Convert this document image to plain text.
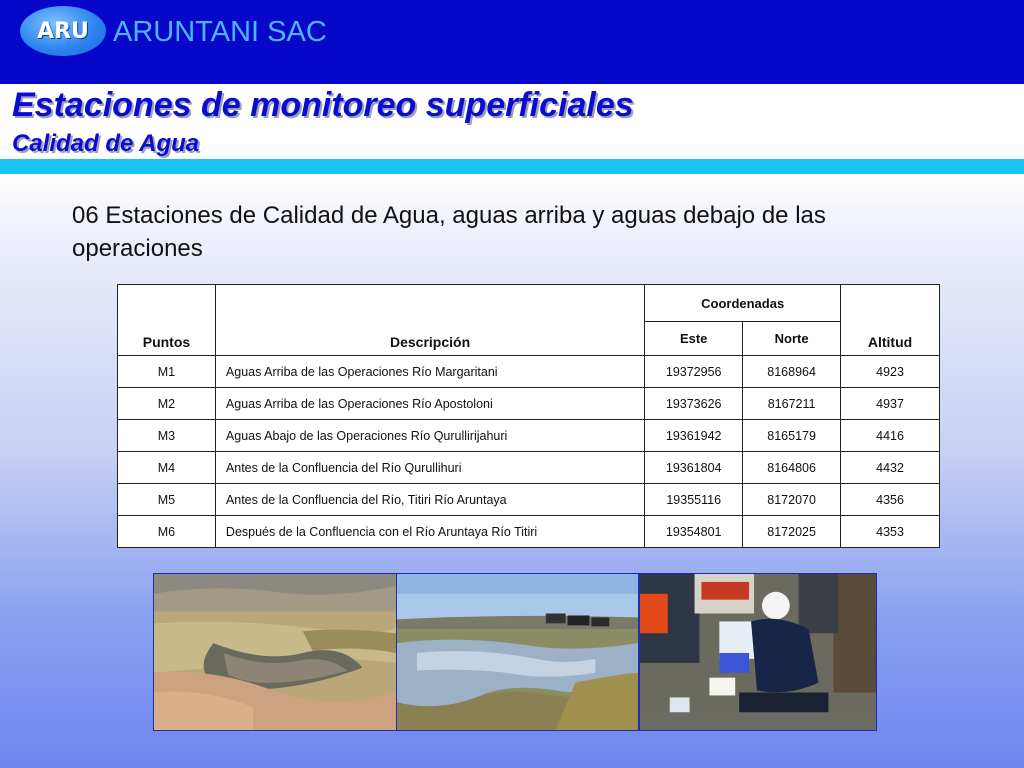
ARU ARUNTANI SAC
Estaciones de monitoreo superficiales
Calidad de Agua
06 Estaciones de Calidad de Agua, aguas arriba y aguas debajo de las operaciones
Puntos	Descripción	Coordenadas		Altitud
		Este	Norte	
M1	Aguas Arriba de las Operaciones Río Margaritani	19372956	8168964	4923
M2	Aguas Arriba de las Operaciones Río Apostoloni	19373626	8167211	4937
M3	Aguas Abajo de las Operaciones Río Qurullirijahuri	19361942	8165179	4416
M4	Antes de la Confluencia del Río Qurullihuri	19361804	8164806	4432
M5	Antes de la Confluencia del Río, Titiri Río Aruntaya	19355116	8172070	4356
M6	Después de la Confluencia con el Río Aruntaya Río Titiri	19354801	8172025	4353
